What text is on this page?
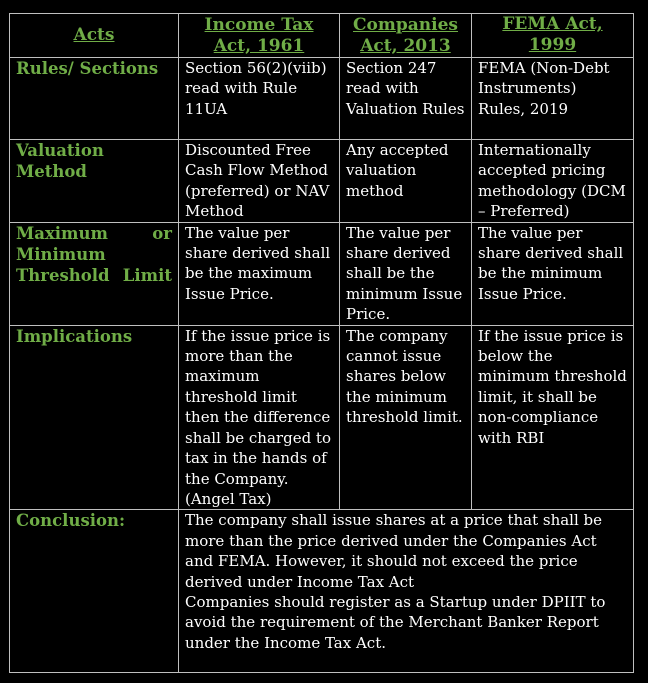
Acts	Income Tax Act, 1961	Companies Act, 2013	FEMA Act, 1999
Rules/ Sections	Section 56(2)(viib) read with Rule 11UA	Section 247 read with Valuation Rules	FEMA (Non-Debt Instruments) Rules, 2019
Valuation Method	Discounted Free Cash Flow Method (preferred) or NAV Method	Any accepted valuation method	Internationally accepted pricing methodology (DCM – Preferred)
Maximum or Minimum Threshold Limit	The value per share derived shall be the maximum Issue Price.	The value per share derived shall be the minimum Issue Price.	The value per share derived shall be the minimum Issue Price.
Implications	If the issue price is more than the maximum threshold limit then the difference shall be charged to tax in the hands of the Company. (Angel Tax)	The company cannot issue shares below the minimum threshold limit.	If the issue price is below the minimum threshold limit, it shall be non-compliance with RBI
Conclusion:	The company shall issue shares at a price that shall be more than the price derived under the Companies Act and FEMA. However, it should not exceed the price derived under Income Tax Act
Companies should register as a Startup under DPIIT to avoid the requirement of the Merchant Banker Report under the Income Tax Act.		
